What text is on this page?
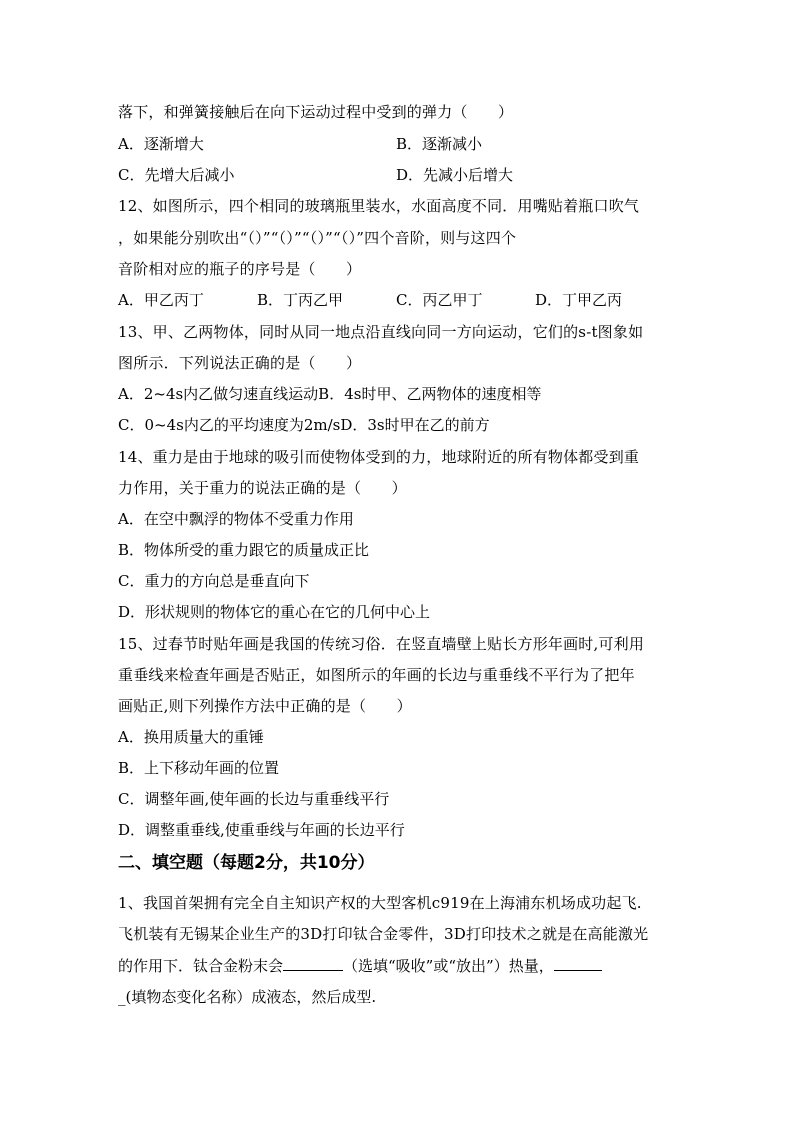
落下，和弹簧接触后在向下运动过程中受到的弹力（　　）
A．逐渐增大	B．逐渐减小
C．先增大后减小	D．先减小后增大
12、如图所示，四个相同的玻璃瓶里装水，水面高度不同．用嘴贴着瓶口吹气
，如果能分别吹出“（）”“（）”“（）”“（）”四个音阶，则与这四个
音阶相对应的瓶子的序号是（　　）
A．甲乙丙丁	B．丁丙乙甲	C．丙乙甲丁	D．丁甲乙丙
13、甲、乙两物体，同时从同一地点沿直线向同一方向运动，它们的s-t图象如
图所示．下列说法正确的是（　　）
A．2~4s内乙做匀速直线运动B．4s时甲、乙两物体的速度相等
C．0~4s内乙的平均速度为2m/sD．3s时甲在乙的前方
14、重力是由于地球的吸引而使物体受到的力，地球附近的所有物体都受到重
力作用，关于重力的说法正确的是（　　）
A．在空中飘浮的物体不受重力作用
B．物体所受的重力跟它的质量成正比
C．重力的方向总是垂直向下
D．形状规则的物体它的重心在它的几何中心上
15、过春节时贴年画是我国的传统习俗．在竖直墙壁上贴长方形年画时,可利用
重垂线来检查年画是否贴正，如图所示的年画的长边与重垂线不平行为了把年
画贴正,则下列操作方法中正确的是（　　）
A．换用质量大的重锤
B．上下移动年画的位置
C．调整年画,使年画的长边与重垂线平行
D．调整重垂线,使重垂线与年画的长边平行
二、填空题（每题2分，共10分）
1、我国首架拥有完全自主知识产权的大型客机c919在上海浦东机场成功起飞.
飞机装有无锡某企业生产的3D打印钛合金零件，3D打印技术之就是在高能激光
的作用下．钛合金粉末会	（选填“吸收”或“放出”）热量，
_(填物态变化名称）成液态，然后成型.
